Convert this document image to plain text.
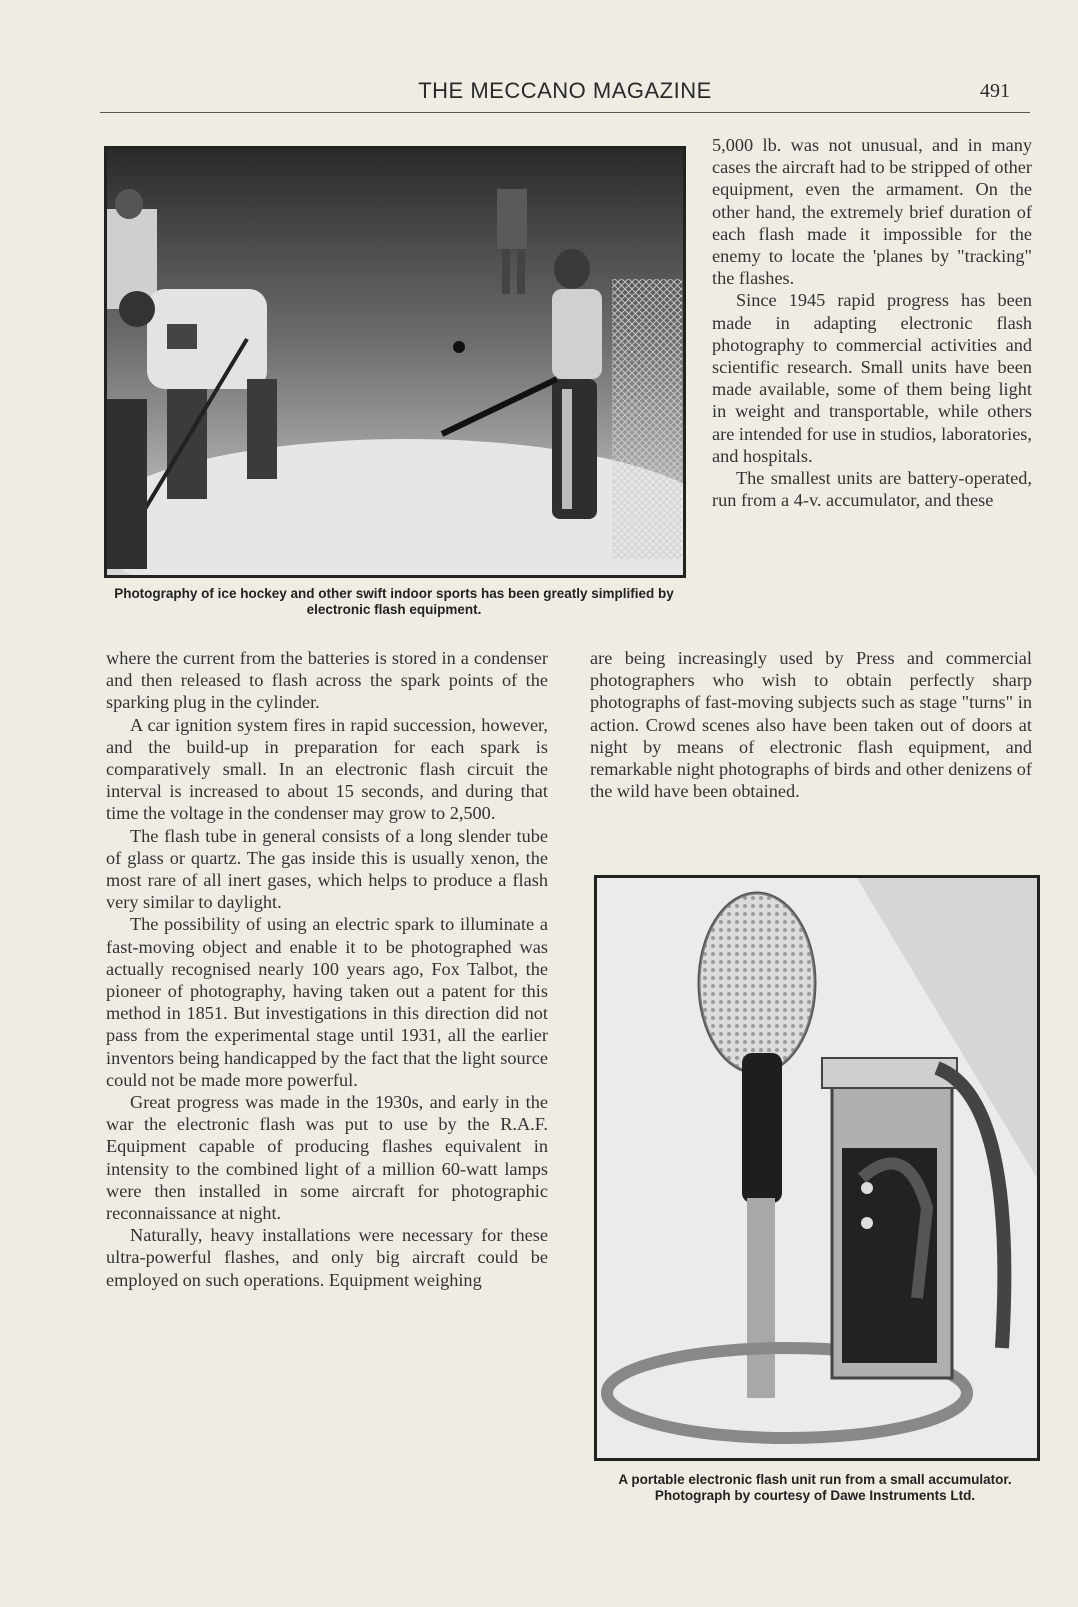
THE MECCANO MAGAZINE	491
Photography of ice hockey and other swift indoor sports has been greatly simplified by electronic flash equipment.

5,000 lb. was not unusual, and in many cases the aircraft had to be stripped of other equipment, even the armament. On the other hand, the extremely brief duration of each flash made it impossible for the enemy to locate the 'planes by "tracking" the flashes.

Since 1945 rapid progress has been made in adapting electronic flash photography to commercial activities and scientific research. Small units have been made available, some of them being light in weight and transportable, while others are intended for use in studios, laboratories, and hospitals.

The smallest units are battery-operated, run from a 4-v. accumulator, and these

are being increasingly used by Press and commercial photographers who wish to obtain perfectly sharp photographs of fast-moving subjects such as stage "turns" in action. Crowd scenes also have been taken out of doors at night by means of electronic flash equipment, and remarkable night photographs of birds and other denizens of the wild have been obtained.

where the current from the batteries is stored in a condenser and then released to flash across the spark points of the sparking plug in the cylinder.

A car ignition system fires in rapid succession, however, and the build-up in preparation for each spark is comparatively small. In an electronic flash circuit the interval is increased to about 15 seconds, and during that time the voltage in the condenser may grow to 2,500.

The flash tube in general consists of a long slender tube of glass or quartz. The gas inside this is usually xenon, the most rare of all inert gases, which helps to produce a flash very similar to daylight.

The possibility of using an electric spark to illuminate a fast-moving object and enable it to be photographed was actually recognised nearly 100 years ago, Fox Talbot, the pioneer of photography, having taken out a patent for this method in 1851. But investigations in this direction did not pass from the experimental stage until 1931, all the earlier inventors being handicapped by the fact that the light source could not be made more powerful.

Great progress was made in the 1930s, and early in the war the electronic flash was put to use by the R.A.F. Equipment capable of producing flashes equivalent in intensity to the combined light of a million 60-watt lamps were then installed in some aircraft for photographic reconnaissance at night.

Naturally, heavy installations were necessary for these ultra-powerful flashes, and only big aircraft could be employed on such operations. Equipment weighing

A portable electronic flash unit run from a small accumulator. Photograph by courtesy of Dawe Instruments Ltd.
